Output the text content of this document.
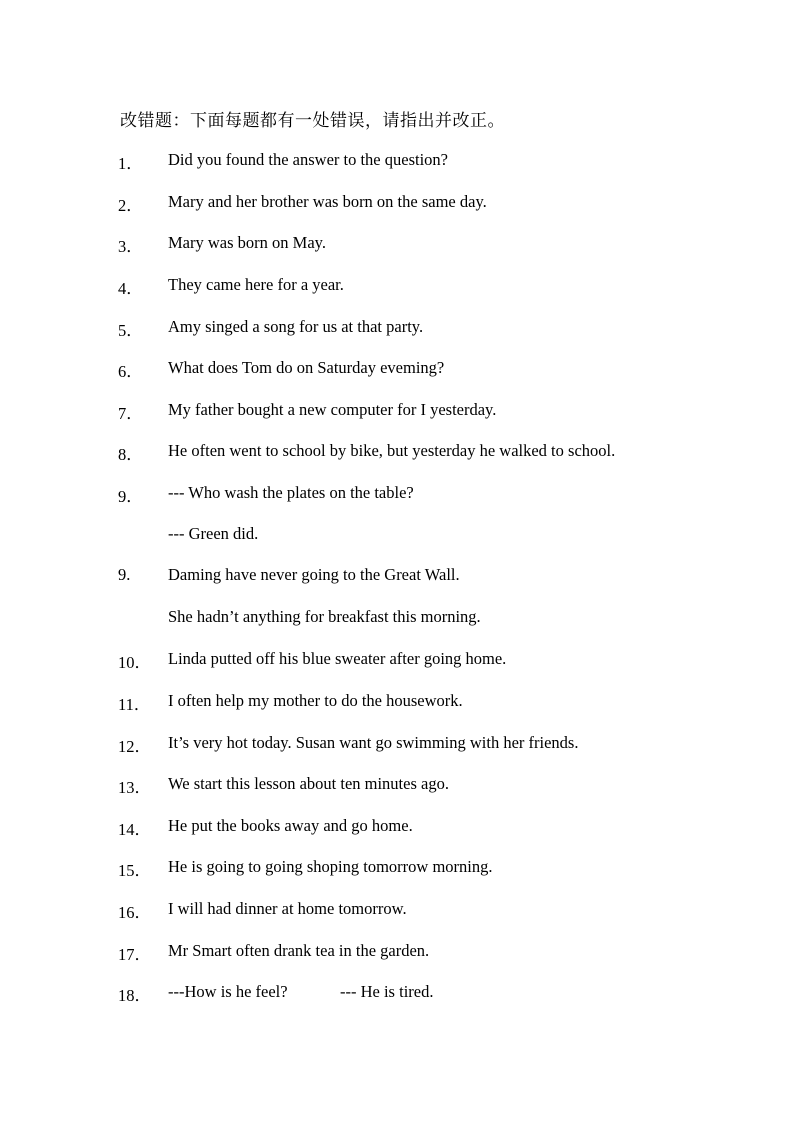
改错题：下面每题都有一处错误，请指出并改正。
1． Did you found the answer to the question?
2． Mary and her brother was born on the same day.
3． Mary was born on May.
4． They came here for a year.
5． Amy singed a song for us at that party.
6． What does Tom do on Saturday eveming?
7． My father bought a new computer for I yesterday.
8． He often went to school by bike, but yesterday he walked to school.
9． --- Who wash the plates on the table?
--- Green did.
9. Daming have never going to the Great Wall.
She hadn’t anything for breakfast this morning.
10． Linda putted off his blue sweater after going home.
11． I often help my mother to do the housework.
12． It’s very hot today. Susan want go swimming with her friends.
13． We start this lesson about ten minutes ago.
14． He put the books away and go home.
15． He is going to going shoping tomorrow morning.
16． I will had dinner at home tomorrow.
17． Mr Smart often drank tea in the garden.
18． ---How is he feel?	--- He is tired.
